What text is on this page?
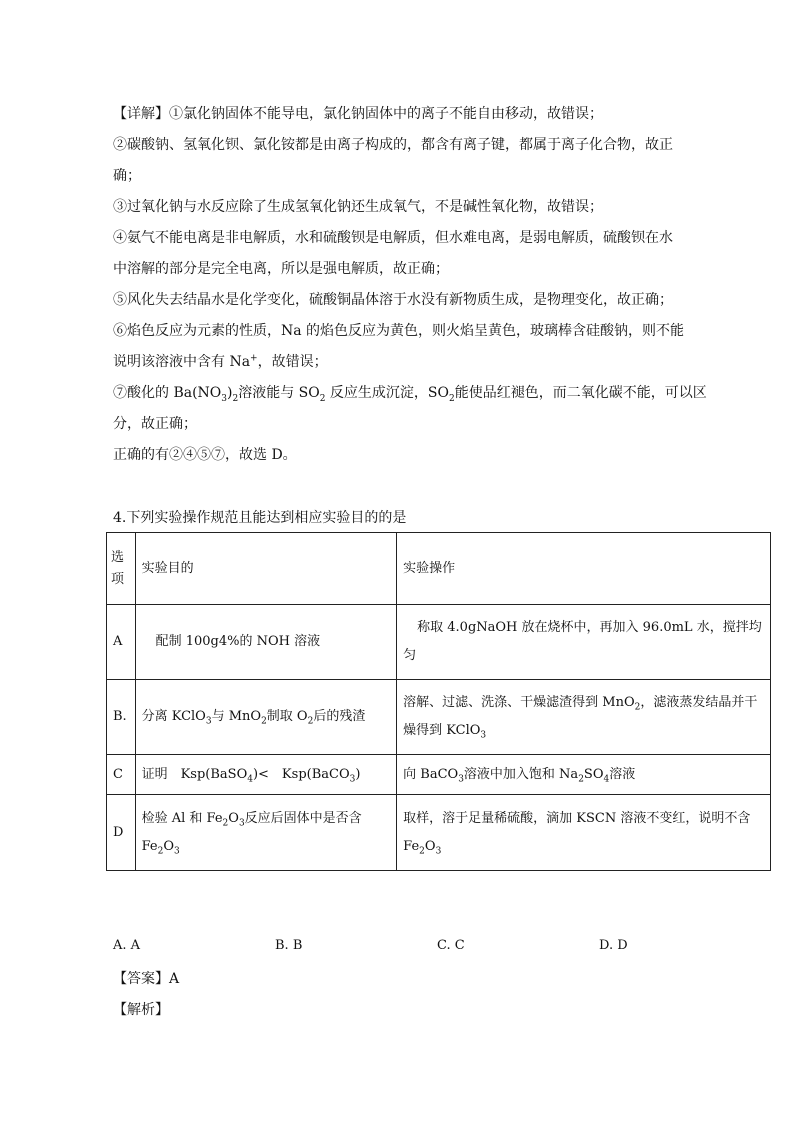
【详解】①氯化钠固体不能导电，氯化钠固体中的离子不能自由移动，故错误；
②碳酸钠、氢氧化钡、氯化铵都是由离子构成的，都含有离子键，都属于离子化合物，故正
确；
③过氧化钠与水反应除了生成氢氧化钠还生成氧气，不是碱性氧化物，故错误；
④氨气不能电离是非电解质，水和硫酸钡是电解质，但水难电离，是弱电解质，硫酸钡在水
中溶解的部分是完全电离，所以是强电解质，故正确；
⑤风化失去结晶水是化学变化，硫酸铜晶体溶于水没有新物质生成，是物理变化，故正确；
⑥焰色反应为元素的性质，Na 的焰色反应为黄色，则火焰呈黄色，玻璃棒含硅酸钠，则不能
说明该溶液中含有 Na+，故错误；
⑦酸化的 $Ba(NO_3)_2$溶液能与 $SO_2$ 反应生成沉淀，$SO_2$能使品红褪色，而二氧化碳不能，可以区
分，故正确；
正确的有②④⑤⑦，故选 D。
4.下列实验操作规范且能达到相应实验目的的是
选项	实验目的	实验操作
A	配制 100g4%的 NOH 溶液	称取 4.0gNaOH 放在烧杯中，再加入 96.0mL 水，搅拌均匀
B.	分离 KClO$_3$与 MnO$_2$制取 $O_2$后的残渣	溶解、过滤、洗涤、干燥滤渣得到 MnO$_2$，滤液蒸发结晶并干燥得到 KClO$_3$
C	证明　Ksp(BaSO$_4$)<　Ksp(BaCO$_3$)	向 BaCO$_3$溶液中加入饱和 $Na_2SO_4$溶液
D	检验 Al 和 $Fe_2O_3$反应后固体中是否含 $Fe_2O_3$	取样，溶于足量稀硫酸，滴加 KSCN 溶液不变红，说明不含 $Fe_2O_3$
A. A	B. B	C. C	D. D
【答案】A
【解析】
